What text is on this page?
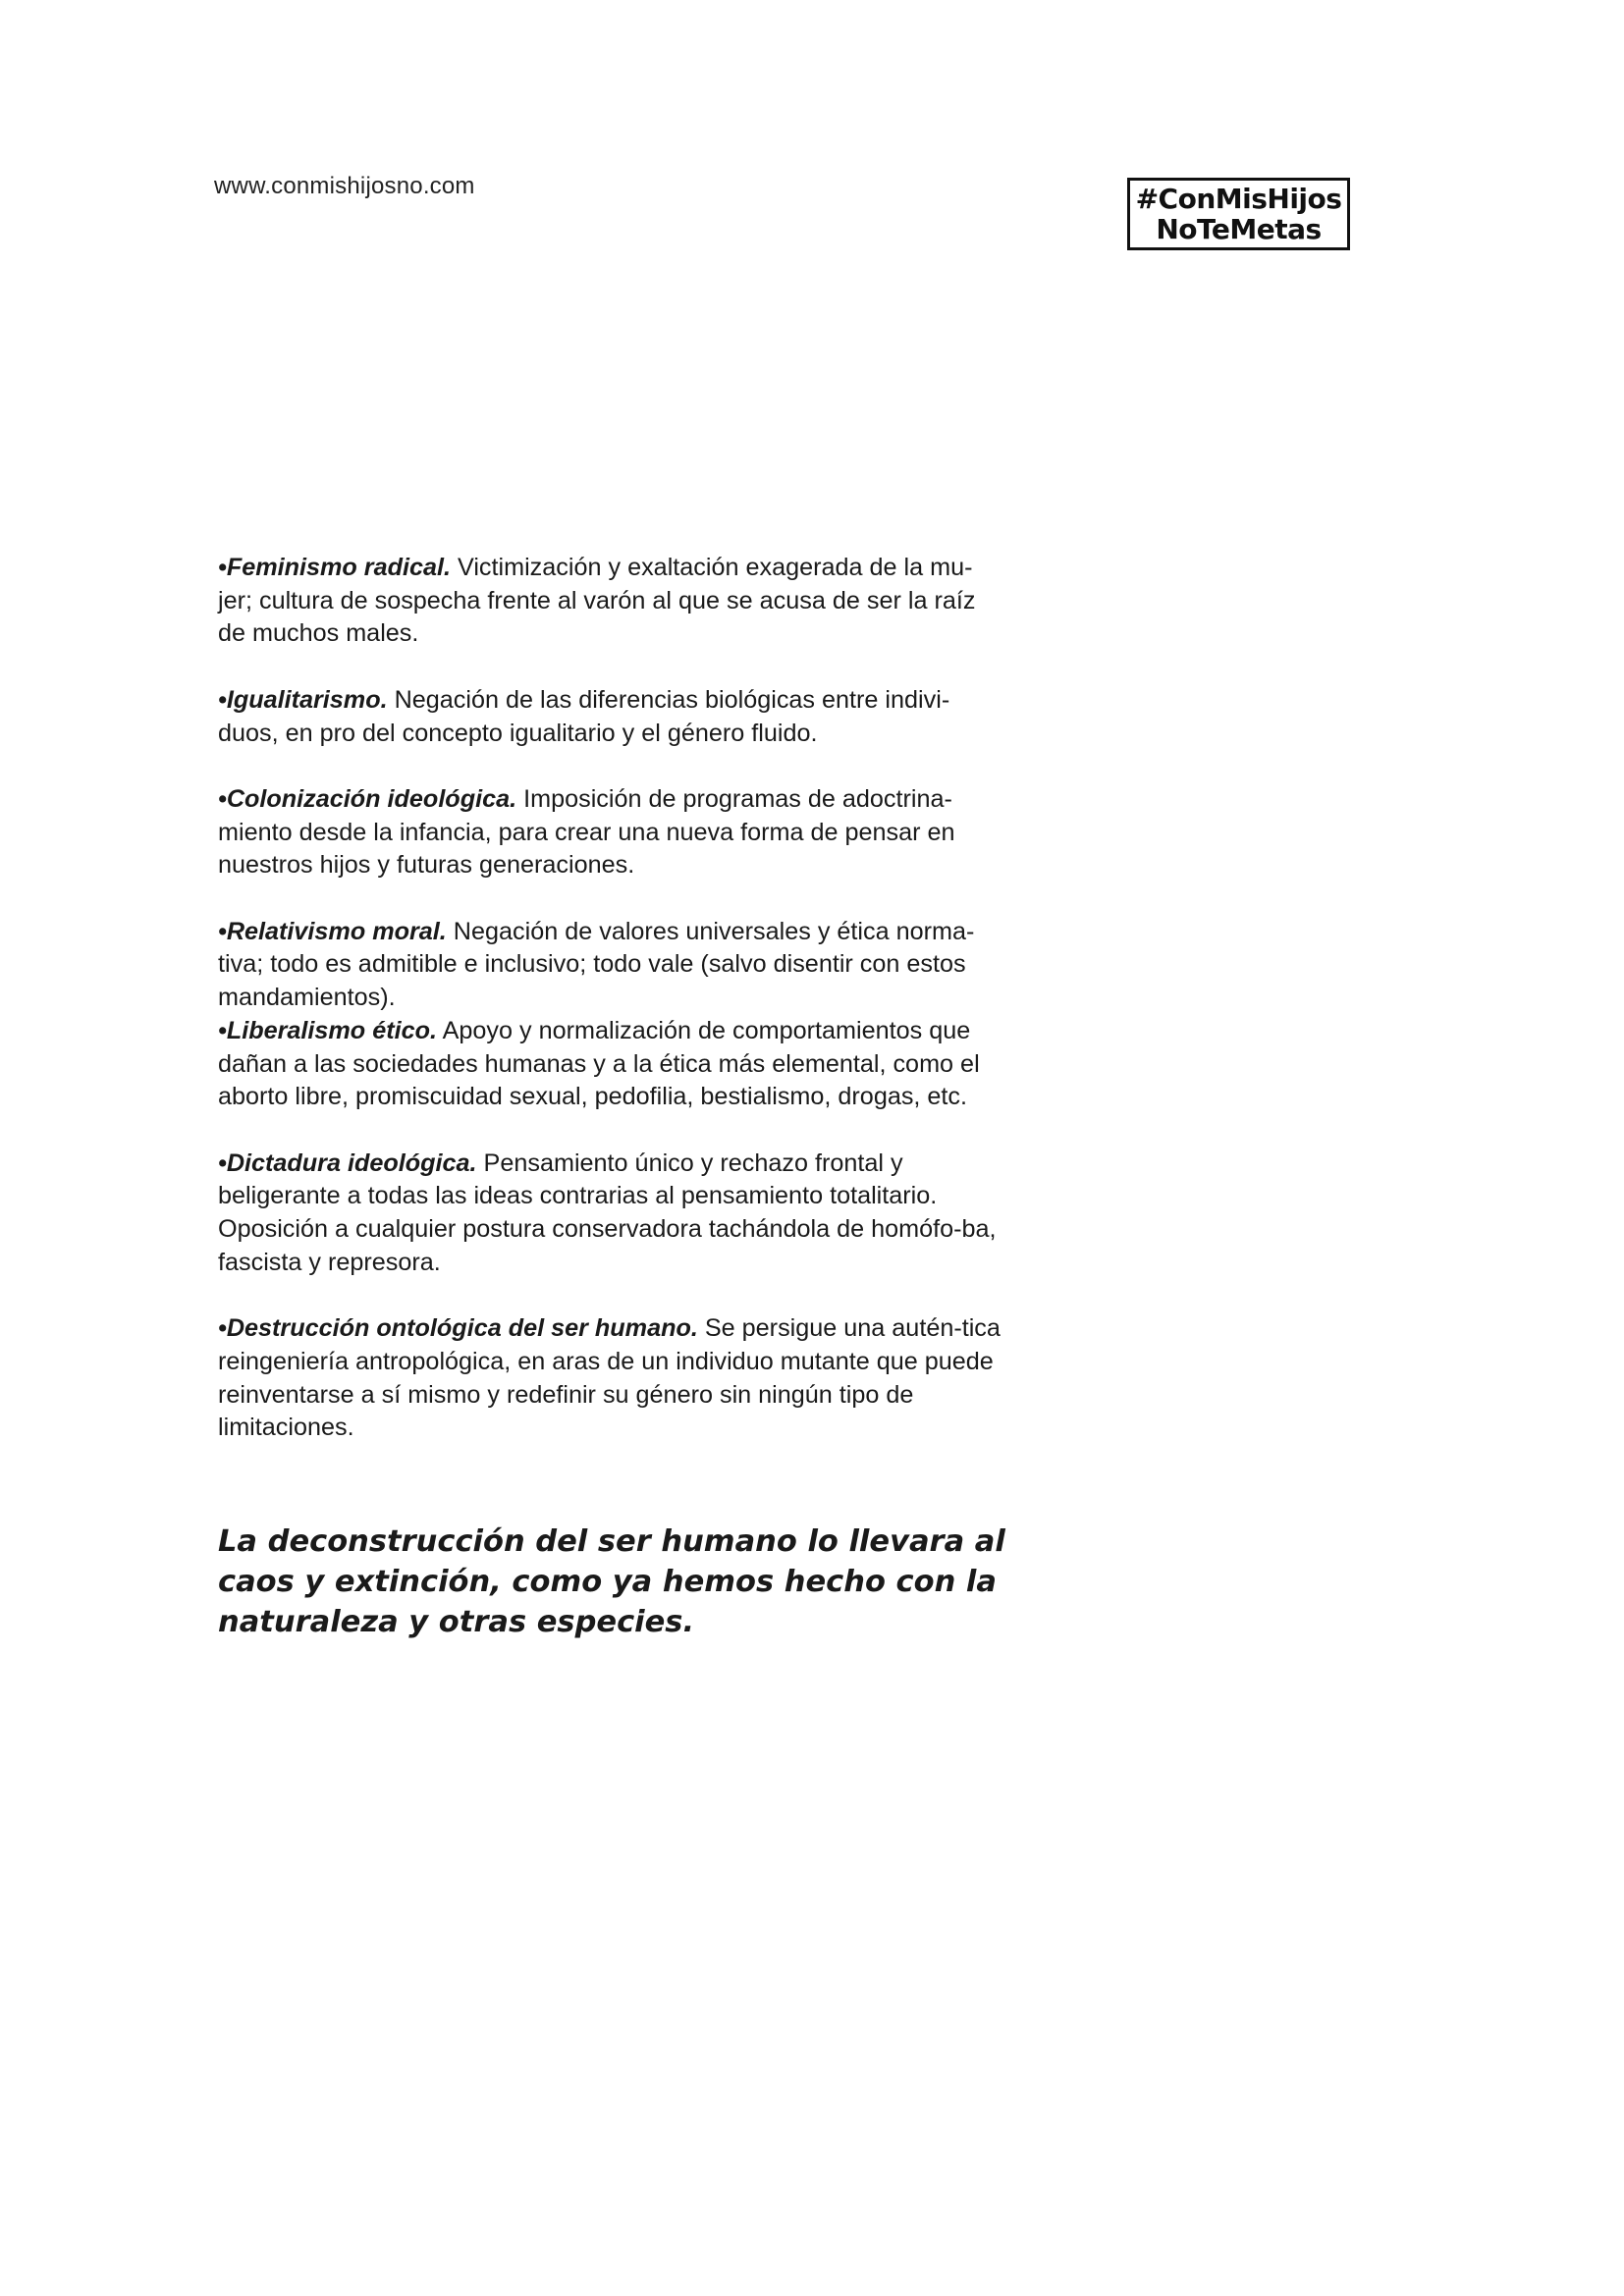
www.conmishijosno.com	#ConMisHijos
NoTeMetas

•Feminismo radical. Victimización y exaltación exagerada de la mu-jer; cultura de sospecha frente al varón al que se acusa de ser la raíz de muchos males.

•Igualitarismo. Negación de las diferencias biológicas entre indivi-duos, en pro del concepto igualitario y el género fluido.

•Colonización ideológica. Imposición de programas de adoctrina-miento desde la infancia, para crear una nueva forma de pensar en nuestros hijos y futuras generaciones.

•Relativismo moral. Negación de valores universales y ética norma-tiva; todo es admitible e inclusivo; todo vale (salvo disentir con estos mandamientos).

•Liberalismo ético. Apoyo y normalización de comportamientos que dañan a las sociedades humanas y a la ética más elemental, como el aborto libre, promiscuidad sexual, pedofilia, bestialismo, drogas, etc.

•Dictadura ideológica. Pensamiento único y rechazo frontal y beligerante a todas las ideas contrarias al pensamiento totalitario. Oposición a cualquier postura conservadora tachándola de homófo-ba, fascista y represora.

•Destrucción ontológica del ser humano. Se persigue una autén-tica reingeniería antropológica, en aras de un individuo mutante que puede reinventarse a sí mismo y redefinir su género sin ningún tipo de limitaciones.

La deconstrucción del ser humano lo llevara al caos y extinción, como ya hemos hecho con la naturaleza y otras especies.
